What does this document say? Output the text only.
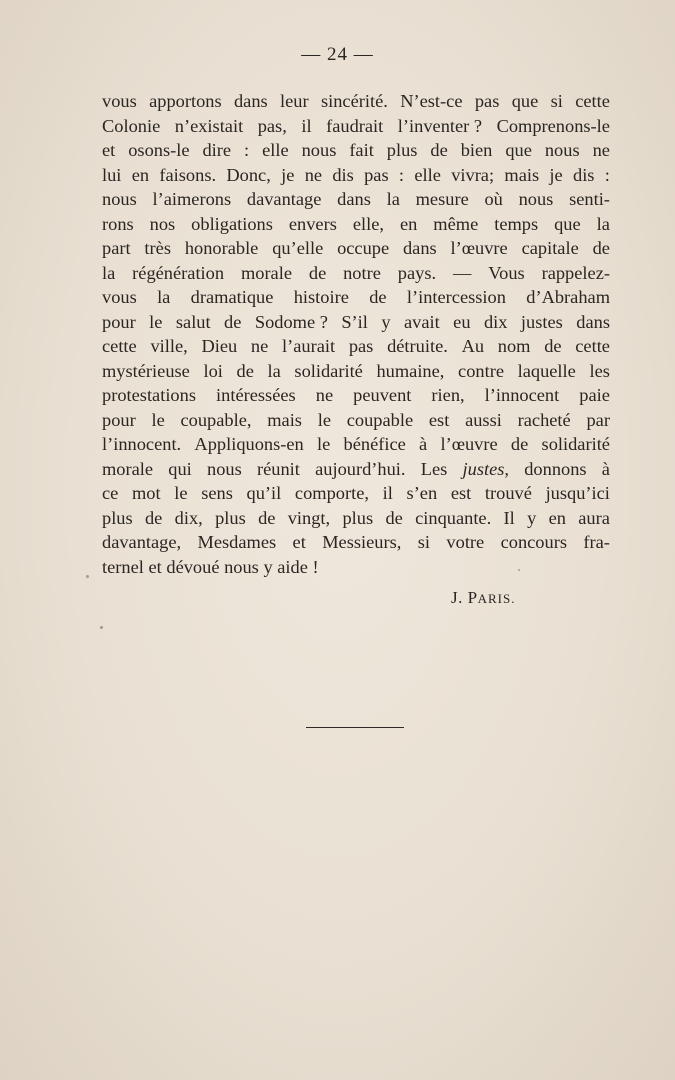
— 24 —
vous apportons dans leur sincérité. N’est-ce pas que si cette
Colonie n’existait pas, il faudrait l’inventer ? Comprenons-le
et osons-le dire : elle nous fait plus de bien que nous ne
lui en faisons. Donc, je ne dis pas : elle vivra; mais je dis :
nous l’aimerons davantage dans la mesure où nous senti-
rons nos obligations envers elle, en même temps que la
part très honorable qu’elle occupe dans l’œuvre capitale de
la régénération morale de notre pays. — Vous rappelez-
vous la dramatique histoire de l’intercession d’Abraham
pour le salut de Sodome ? S’il y avait eu dix justes dans
cette ville, Dieu ne l’aurait pas détruite. Au nom de cette
mystérieuse loi de la solidarité humaine, contre laquelle les
protestations intéressées ne peuvent rien, l’innocent paie
pour le coupable, mais le coupable est aussi racheté par
l’innocent. Appliquons-en le bénéfice à l’œuvre de solidarité
morale qui nous réunit aujourd’hui. Les justes, donnons à
ce mot le sens qu’il comporte, il s’en est trouvé jusqu’ici
plus de dix, plus de vingt, plus de cinquante. Il y en aura
davantage, Mesdames et Messieurs, si votre concours fra-
ternel
et
dévoué
nous
y
aide
!
J. PARIS.
